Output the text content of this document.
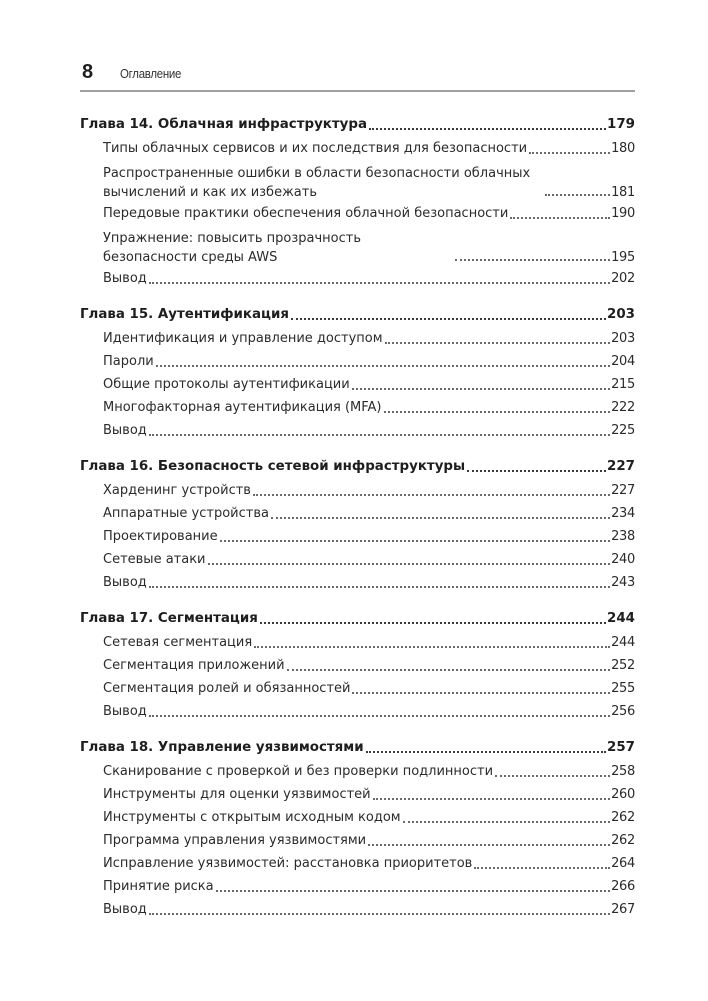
8 Оглавление
Глава 14. Облачная инфраструктура	179
Типы облачных сервисов и их последствия для безопасности	180
Распространенные ошибки в области безопасности облачных вычислений и как их избежать	181
Передовые практики обеспечения облачной безопасности	190
Упражнение: повысить прозрачность безопасности среды AWS	195
Вывод	202
Глава 15. Аутентификация	203
Идентификация и управление доступом	203
Пароли	204
Общие протоколы аутентификации	215
Многофакторная аутентификация (MFA)	222
Вывод	225
Глава 16. Безопасность сетевой инфраструктуры	227
Харденинг устройств	227
Аппаратные устройства	234
Проектирование	238
Сетевые атаки	240
Вывод	243
Глава 17. Сегментация	244
Сетевая сегментация	244
Сегментация приложений	252
Сегментация ролей и обязанностей	255
Вывод	256
Глава 18. Управление уязвимостями	257
Сканирование с проверкой и без проверки подлинности	258
Инструменты для оценки уязвимостей	260
Инструменты с открытым исходным кодом	262
Программа управления уязвимостями	262
Исправление уязвимостей: расстановка приоритетов	264
Принятие риска	266
Вывод	267
